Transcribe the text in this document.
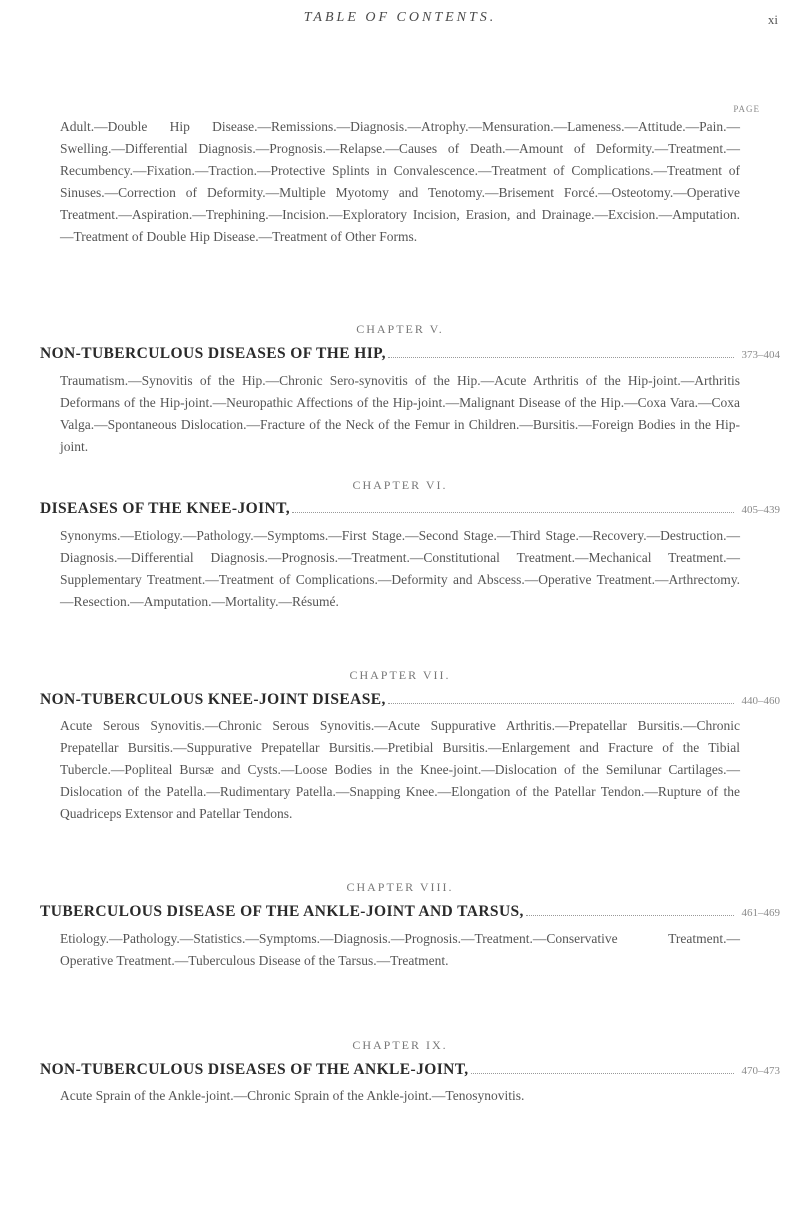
TABLE OF CONTENTS.	xi
PAGE

Adult.—Double Hip Disease.—Remissions.—Diagnosis.—Atrophy.—Mensuration.—Lameness.—Attitude.—Pain.—Swelling.—Differential Diagnosis.—Prognosis.—Relapse.—Causes of Death.—Amount of Deformity.—Treatment.—Recumbency.—Fixation.—Traction.—Protective Splints in Convalescence.—Treatment of Complications.—Treatment of Sinuses.—Correction of Deformity.—Multiple Myotomy and Tenotomy.—Brisement Forcé.—Osteotomy.—Operative Treatment.—Aspiration.—Trephining.—Incision.—Exploratory Incision, Erasion, and Drainage.—Excision.—Amputation.—Treatment of Double Hip Disease.—Treatment of Other Forms.

CHAPTER V.
NON-TUBERCULOUS DISEASES OF THE HIP,	373–404

Traumatism.—Synovitis of the Hip.—Chronic Sero-synovitis of the Hip.—Acute Arthritis of the Hip-joint.—Arthritis Deformans of the Hip-joint.—Neuropathic Affections of the Hip-joint.—Malignant Disease of the Hip.—Coxa Vara.—Coxa Valga.—Spontaneous Dislocation.—Fracture of the Neck of the Femur in Children.—Bursitis.—Foreign Bodies in the Hip-joint.

CHAPTER VI.
DISEASES OF THE KNEE-JOINT,	405–439

Synonyms.—Etiology.—Pathology.—Symptoms.—First Stage.—Second Stage.—Third Stage.—Recovery.—Destruction.—Diagnosis.—Differential Diagnosis.—Prognosis.—Treatment.—Constitutional Treatment.—Mechanical Treatment.—Supplementary Treatment.—Treatment of Complications.—Deformity and Abscess.—Operative Treatment.—Arthrectomy.—Resection.—Amputation.—Mortality.—Résumé.

CHAPTER VII.
NON-TUBERCULOUS KNEE-JOINT DISEASE,	440–460

Acute Serous Synovitis.—Chronic Serous Synovitis.—Acute Suppurative Arthritis.—Prepatellar Bursitis.—Chronic Prepatellar Bursitis.—Suppurative Prepatellar Bursitis.—Pretibial Bursitis.—Enlargement and Fracture of the Tibial Tubercle.—Popliteal Bursæ and Cysts.—Loose Bodies in the Knee-joint.—Dislocation of the Semilunar Cartilages.—Dislocation of the Patella.—Rudimentary Patella.—Snapping Knee.—Elongation of the Patellar Tendon.—Rupture of the Quadriceps Extensor and Patellar Tendons.

CHAPTER VIII.
TUBERCULOUS DISEASE OF THE ANKLE-JOINT AND TARSUS,	461–469

Etiology.—Pathology.—Statistics.—Symptoms.—Diagnosis.—Prognosis.—Treatment.—Conservative Treatment.—Operative Treatment.—Tuberculous Disease of the Tarsus.—Treatment.

CHAPTER IX.
NON-TUBERCULOUS DISEASES OF THE ANKLE-JOINT,	470–473

Acute Sprain of the Ankle-joint.—Chronic Sprain of the Ankle-joint.—Tenosynovitis.
